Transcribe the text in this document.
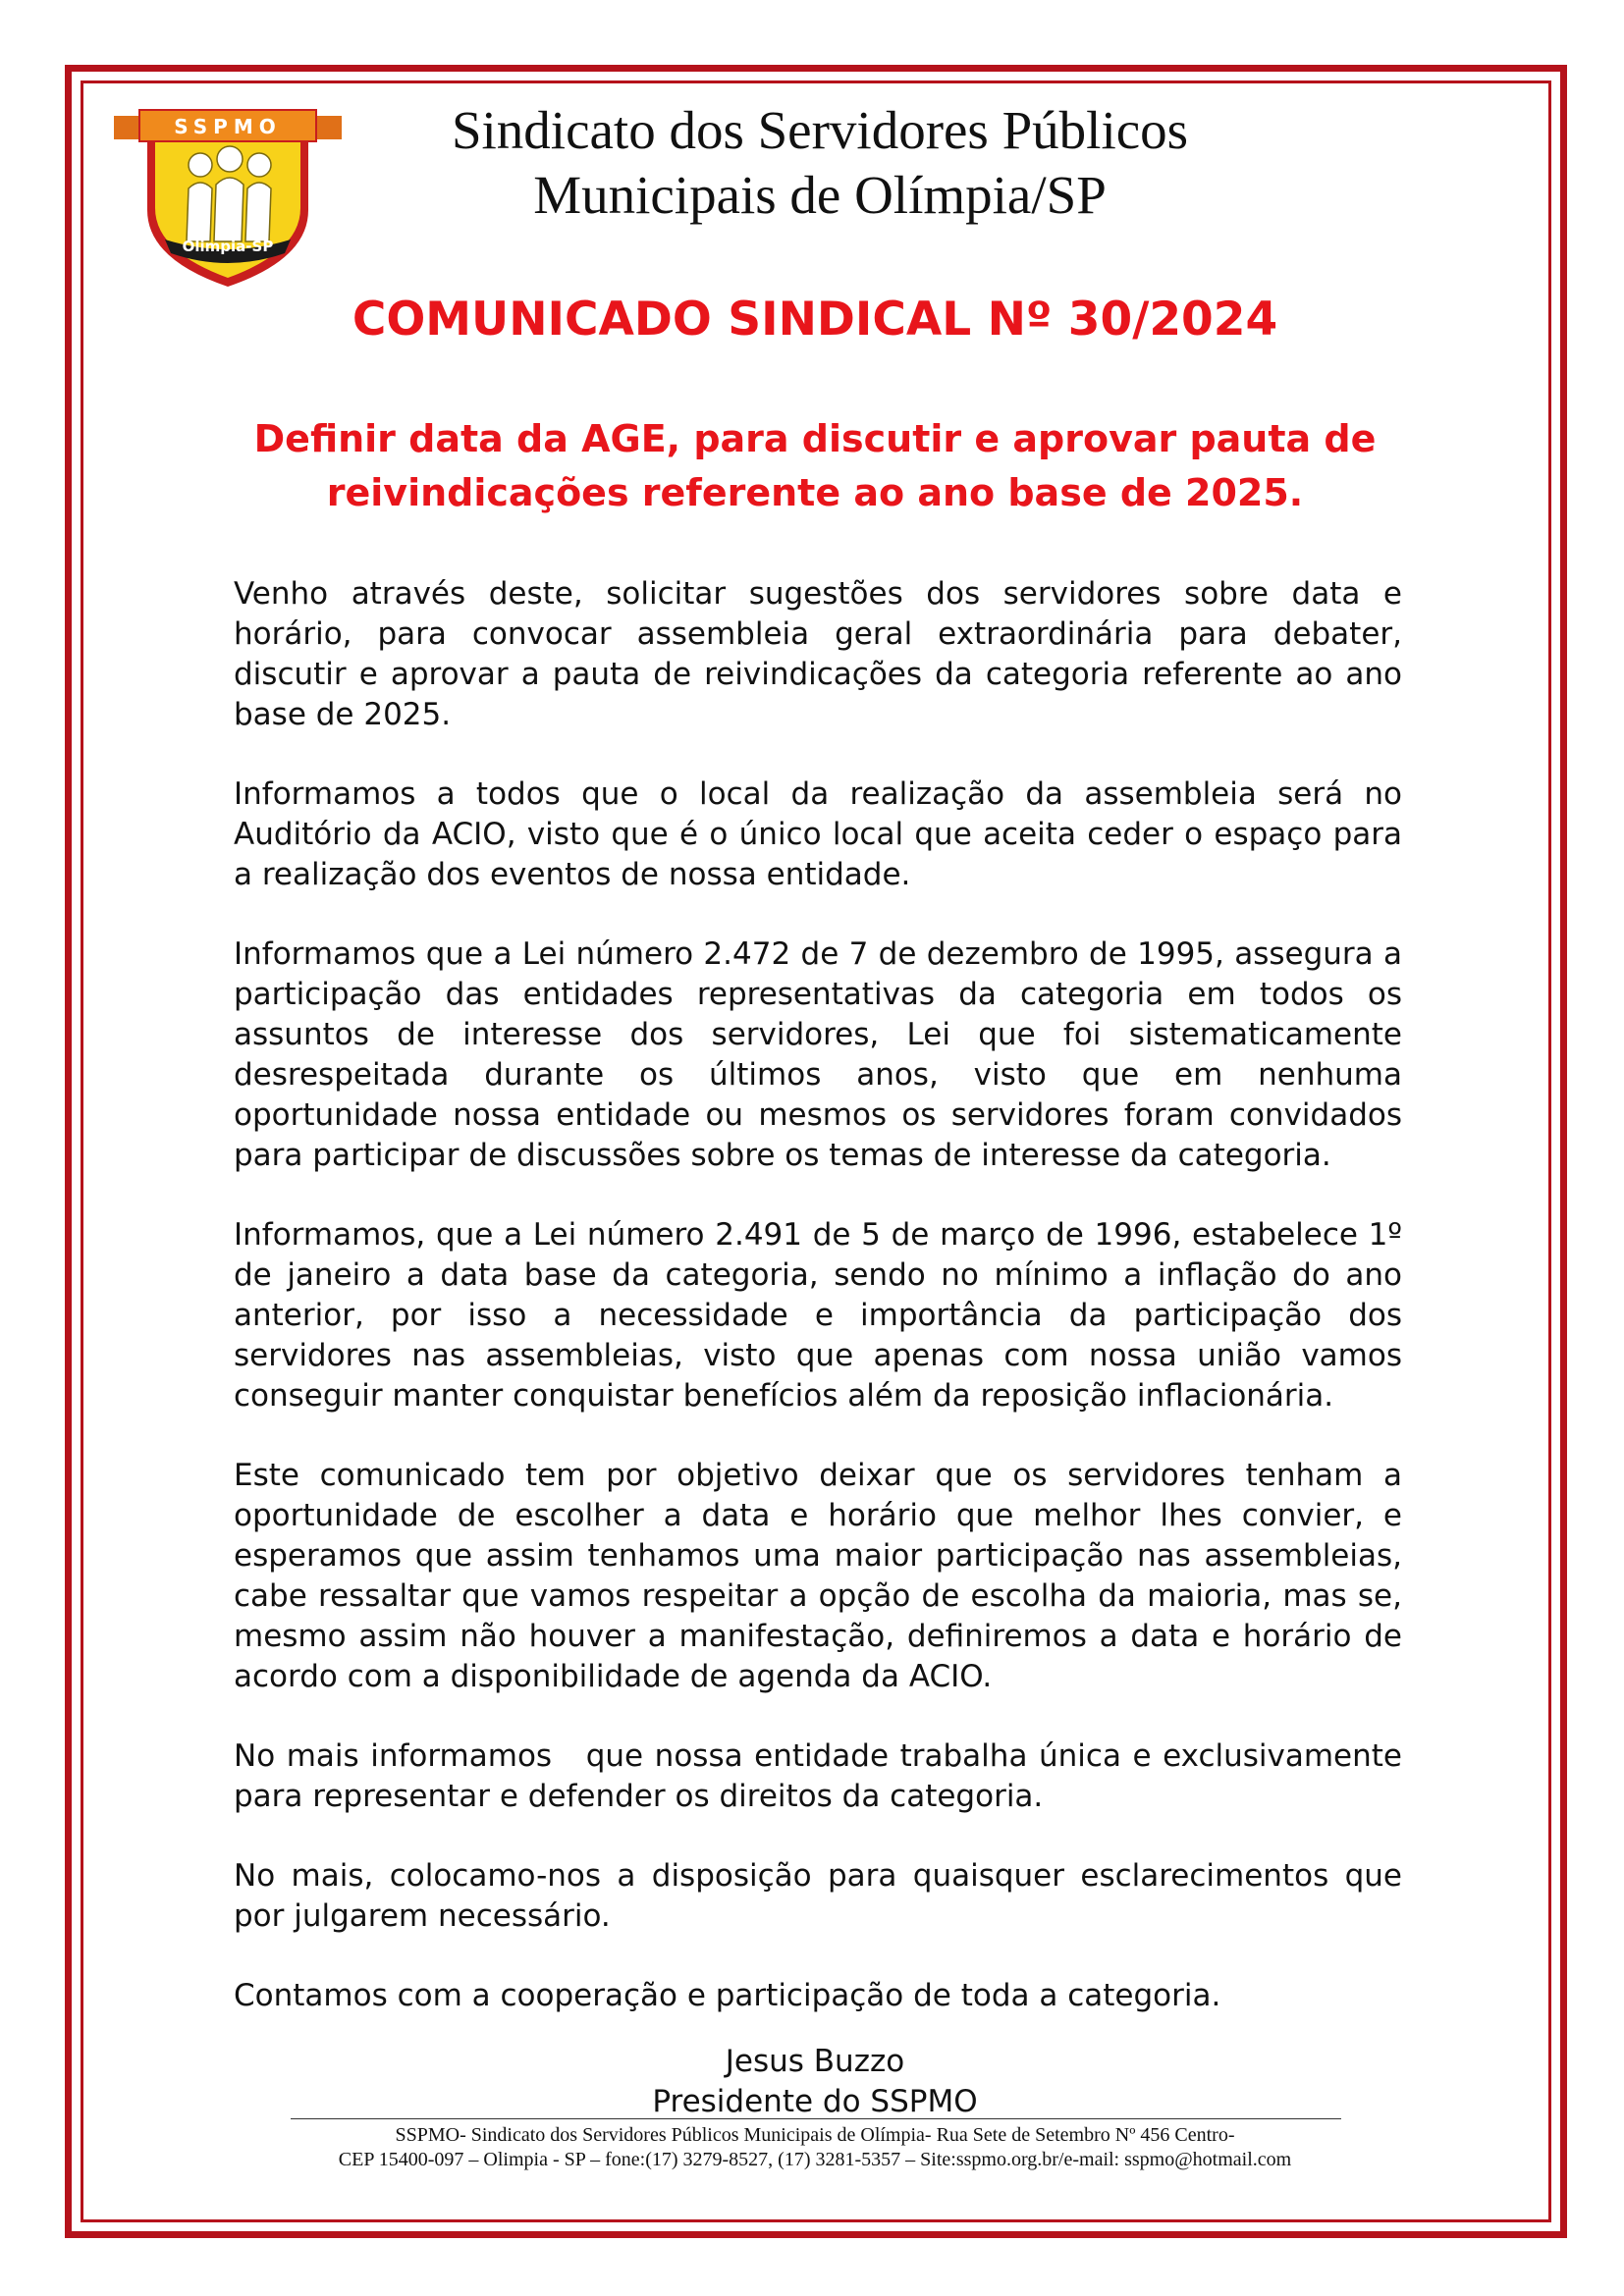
SSPMO
Olimpia-SP
Sindicato dos Servidores Públicos
Municipais de Olímpia/SP
COMUNICADO SINDICAL Nº 30/2024
Definir data da AGE, para discutir e aprovar pauta de
reivindicações referente ao ano base de 2025.

Venho através deste, solicitar sugestões dos servidores sobre data e horário, para convocar assembleia geral extraordinária para debater, discutir e aprovar a pauta de reivindicações da categoria referente ao ano base de 2025.

Informamos a todos que o local da realização da assembleia será no Auditório da ACIO, visto que é o único local que aceita ceder o espaço para a realização dos eventos de nossa entidade.

Informamos que a Lei número 2.472 de 7 de dezembro de 1995, assegura a participação das entidades representativas da categoria em todos os assuntos de interesse dos servidores, Lei que foi sistematicamente desrespeitada durante os últimos anos, visto que em nenhuma oportunidade nossa entidade ou mesmos os servidores foram convidados para participar de discussões sobre os temas de interesse da categoria.

Informamos, que a Lei número 2.491 de 5 de março de 1996, estabelece 1º de janeiro a data base da categoria, sendo no mínimo a inflação do ano anterior, por isso a necessidade e importância da participação dos servidores nas assembleias, visto que apenas com nossa união vamos conseguir manter conquistar benefícios além da reposição inflacionária.

Este comunicado tem por objetivo deixar que os servidores tenham a oportunidade de escolher a data e horário que melhor lhes convier, e esperamos que assim tenhamos uma maior participação nas assembleias, cabe ressaltar que vamos respeitar a opção de escolha da maioria, mas se, mesmo assim não houver a manifestação, definiremos a data e horário de acordo com a disponibilidade de agenda da ACIO.

No mais informamos   que nossa entidade trabalha única e exclusivamente para representar e defender os direitos da categoria.

No mais, colocamo-nos a disposição para quaisquer esclarecimentos que por julgarem necessário.

Contamos com a cooperação e participação de toda a categoria.

Jesus Buzzo
Presidente do SSPMO
SSPMO- Sindicato dos Servidores Públicos Municipais de Olímpia- Rua Sete de Setembro Nº 456 Centro-
CEP 15400-097 – Olimpia - SP – fone:(17) 3279-8527, (17) 3281-5357 – Site:sspmo.org.br/e-mail: sspmo@hotmail.com
